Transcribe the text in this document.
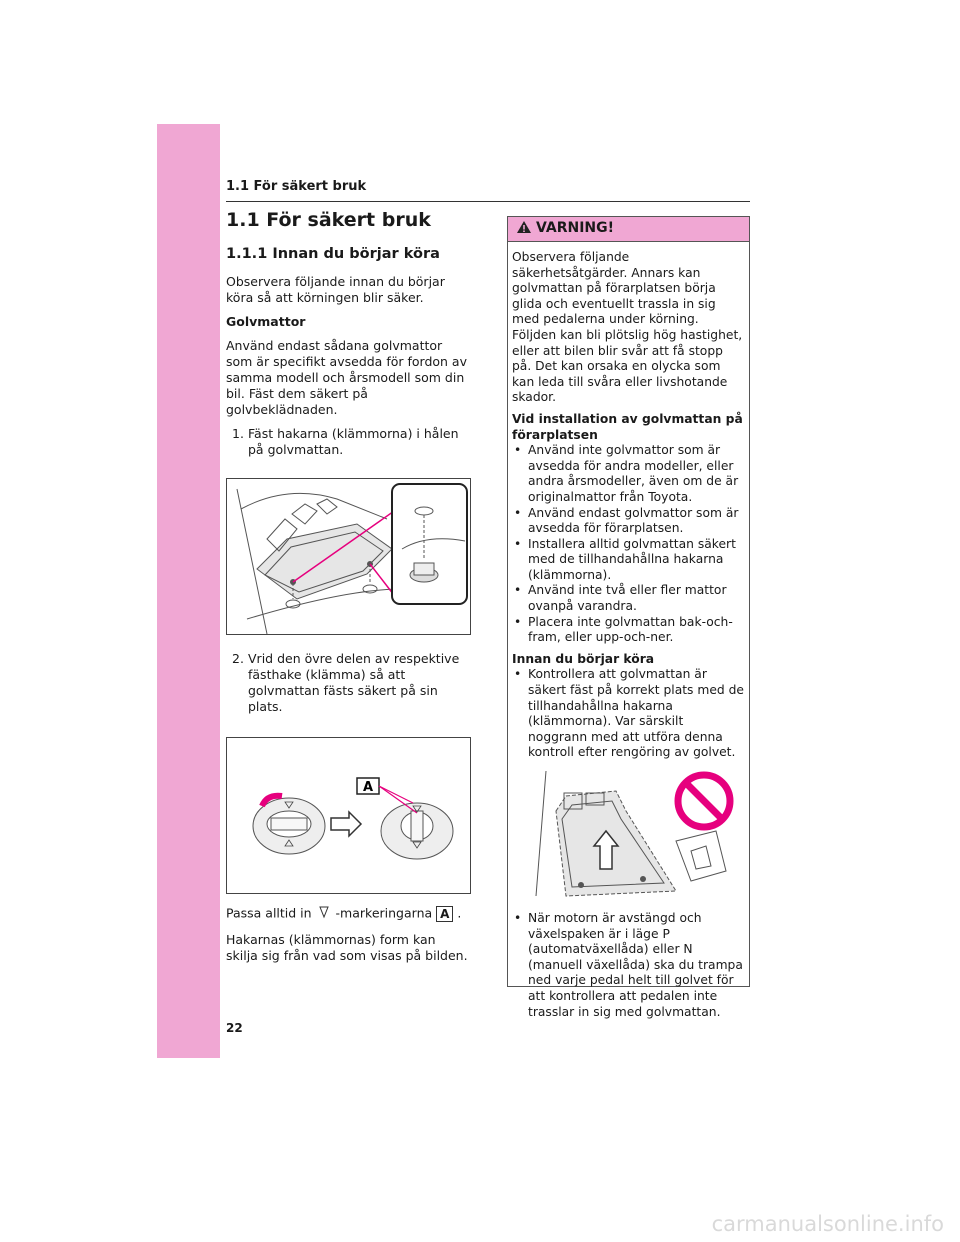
1.1 För säkert bruk
1.1 För säkert bruk
1.1.1 Innan du börjar köra

Observera följande innan du börjar köra så att körningen blir säker.

Golvmattor

Använd endast sådana golvmattor som är specifikt avsedda för fordon av samma modell och årsmodell som din bil. Fäst dem säkert på golvbeklädnaden.

1. Fäst hakarna (klämmorna) i hålen på golvmattan.
2. Vrid den övre delen av respektive fästhake (klämma) så att golvmattan fästs säkert på sin plats.
A

Passa alltid in -markeringarna A .

Hakarnas (klämmornas) form kan skilja sig från vad som visas på bilden.

VARNING!
Observera följande säkerhetsåtgärder. Annars kan golvmattan på förarplatsen börja glida och eventuellt trassla in sig med pedalerna under körning. Följden kan bli plötslig hög hastighet, eller att bilen blir svår att få stopp på. Det kan orsaka en olycka som kan leda till svåra eller livshotande skador.
Vid installation av golvmattan på förarplatsen
• Använd inte golvmattor som är avsedda för andra modeller, eller andra årsmodeller, även om de är originalmattor från Toyota.
• Använd endast golvmattor som är avsedda för förarplatsen.
• Installera alltid golvmattan säkert med de tillhandahållna hakarna (klämmorna).
• Använd inte två eller fler mattor ovanpå varandra.
• Placera inte golvmattan bak-och-fram, eller upp-och-ner.
Innan du börjar köra
• Kontrollera att golvmattan är säkert fäst på korrekt plats med de tillhandahållna hakarna (klämmorna). Var särskilt noggrann med att utföra denna kontroll efter rengöring av golvet.
• När motorn är avstängd och växelspaken är i läge P (automatväxellåda) eller N (manuell växellåda) ska du trampa ned varje pedal helt till golvet för att kontrollera att pedalen inte trasslar in sig med golvmattan.
22
carmanualsonline.info
